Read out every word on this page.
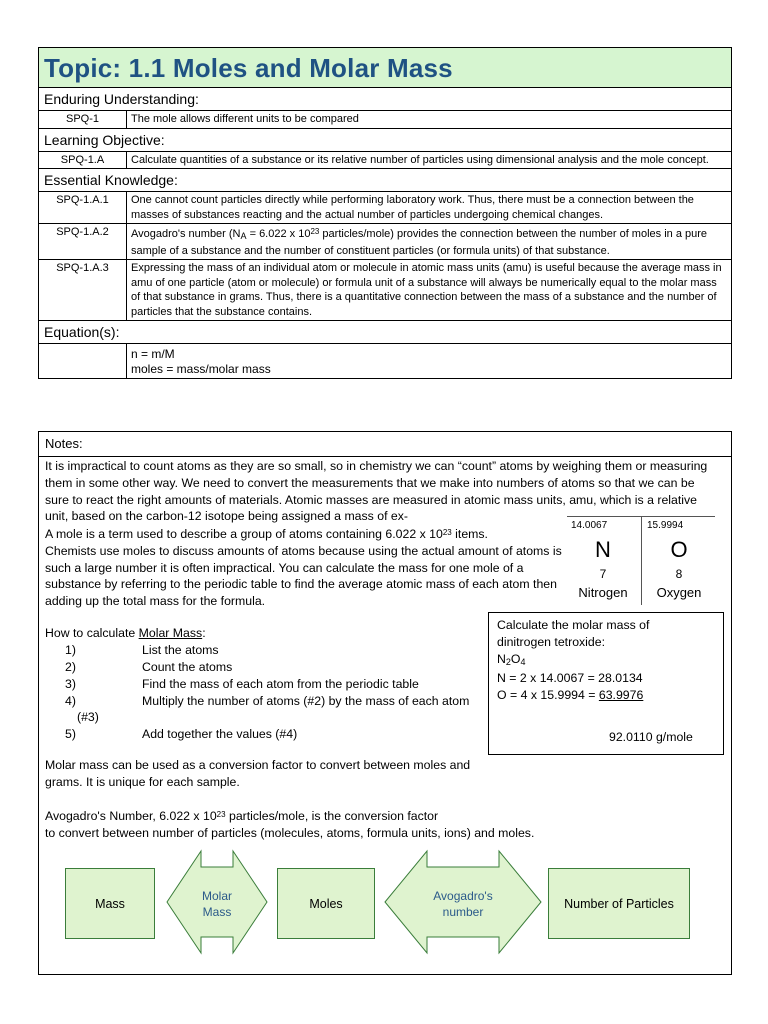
Topic: 1.1 Moles and Molar Mass
Enduring Understanding:
SPQ-1	The mole allows different units to be compared
Learning Objective:
SPQ-1.A	Calculate quantities of a substance or its relative number of particles using dimensional analysis and the mole concept.
Essential Knowledge:
SPQ-1.A.1	One cannot count particles directly while performing laboratory work. Thus, there must be a connection between the masses of substances reacting and the actual number of particles undergoing chemical changes.
SPQ-1.A.2	Avogadro's number ($N_A = 6.022$ x $10^{23}$ particles/mole) provides the connection between the number of moles in a pure sample of a substance and the number of constituent particles (or formula units) of that substance.
SPQ-1.A.3	Expressing the mass of an individual atom or molecule in atomic mass units (amu) is useful because the average mass in amu of one particle (atom or molecule) or formula unit of a substance will always be numerically equal to the molar mass of that substance in grams. Thus, there is a quantitative connection between the mass of a substance and the number of particles that the substance contains.
Equation(s):
n = m/M
moles = mass/molar mass
Notes:
It is impractical to count atoms as they are so small, so in chemistry we can “count” atoms by weighing them or measuring them in some other way. We need to convert the measurements that we make into numbers of atoms so that we can be sure to react the right amounts of materials. Atomic masses are measured in atomic mass units, amu, which is a relative unit, based on the carbon-12 isotope being assigned a mass of ex-
A mole is a term used to describe a group of atoms containing 6.022 x $10^{23}$ items.
Chemists use moles to discuss amounts of atoms because using the actual amount of atoms is such a large number it is often impractical. You can calculate the mass for one mole of a substance by referring to the periodic table to find the average atomic mass of each atom then adding up the total mass for the formula.
14.0067
N
7
Nitrogen
15.9994
O
8
Oxygen
How to calculate Molar Mass:
1)	List the atoms
2)	Count the atoms
3)	Find the mass of each atom from the periodic table
4)	Multiply the number of atoms (#2) by the mass of each atom
(#3)
5)	Add together the values (#4)
Calculate the molar mass of
dinitrogen tetroxide:
$N_2O_4$
N = 2 x 14.0067 = 28.0134
O = 4 x 15.9994 = 63.9976
92.0110 g/mole
Molar mass can be used as a conversion factor to convert between moles and grams. It is unique for each sample.
Avogadro's Number, 6.022 x $10^{23}$ particles/mole, is the conversion factor
to convert between number of particles (molecules, atoms, formula units, ions) and moles.
Mass
Molar
Mass
Moles
Avogadro's
number
Number of Particles
